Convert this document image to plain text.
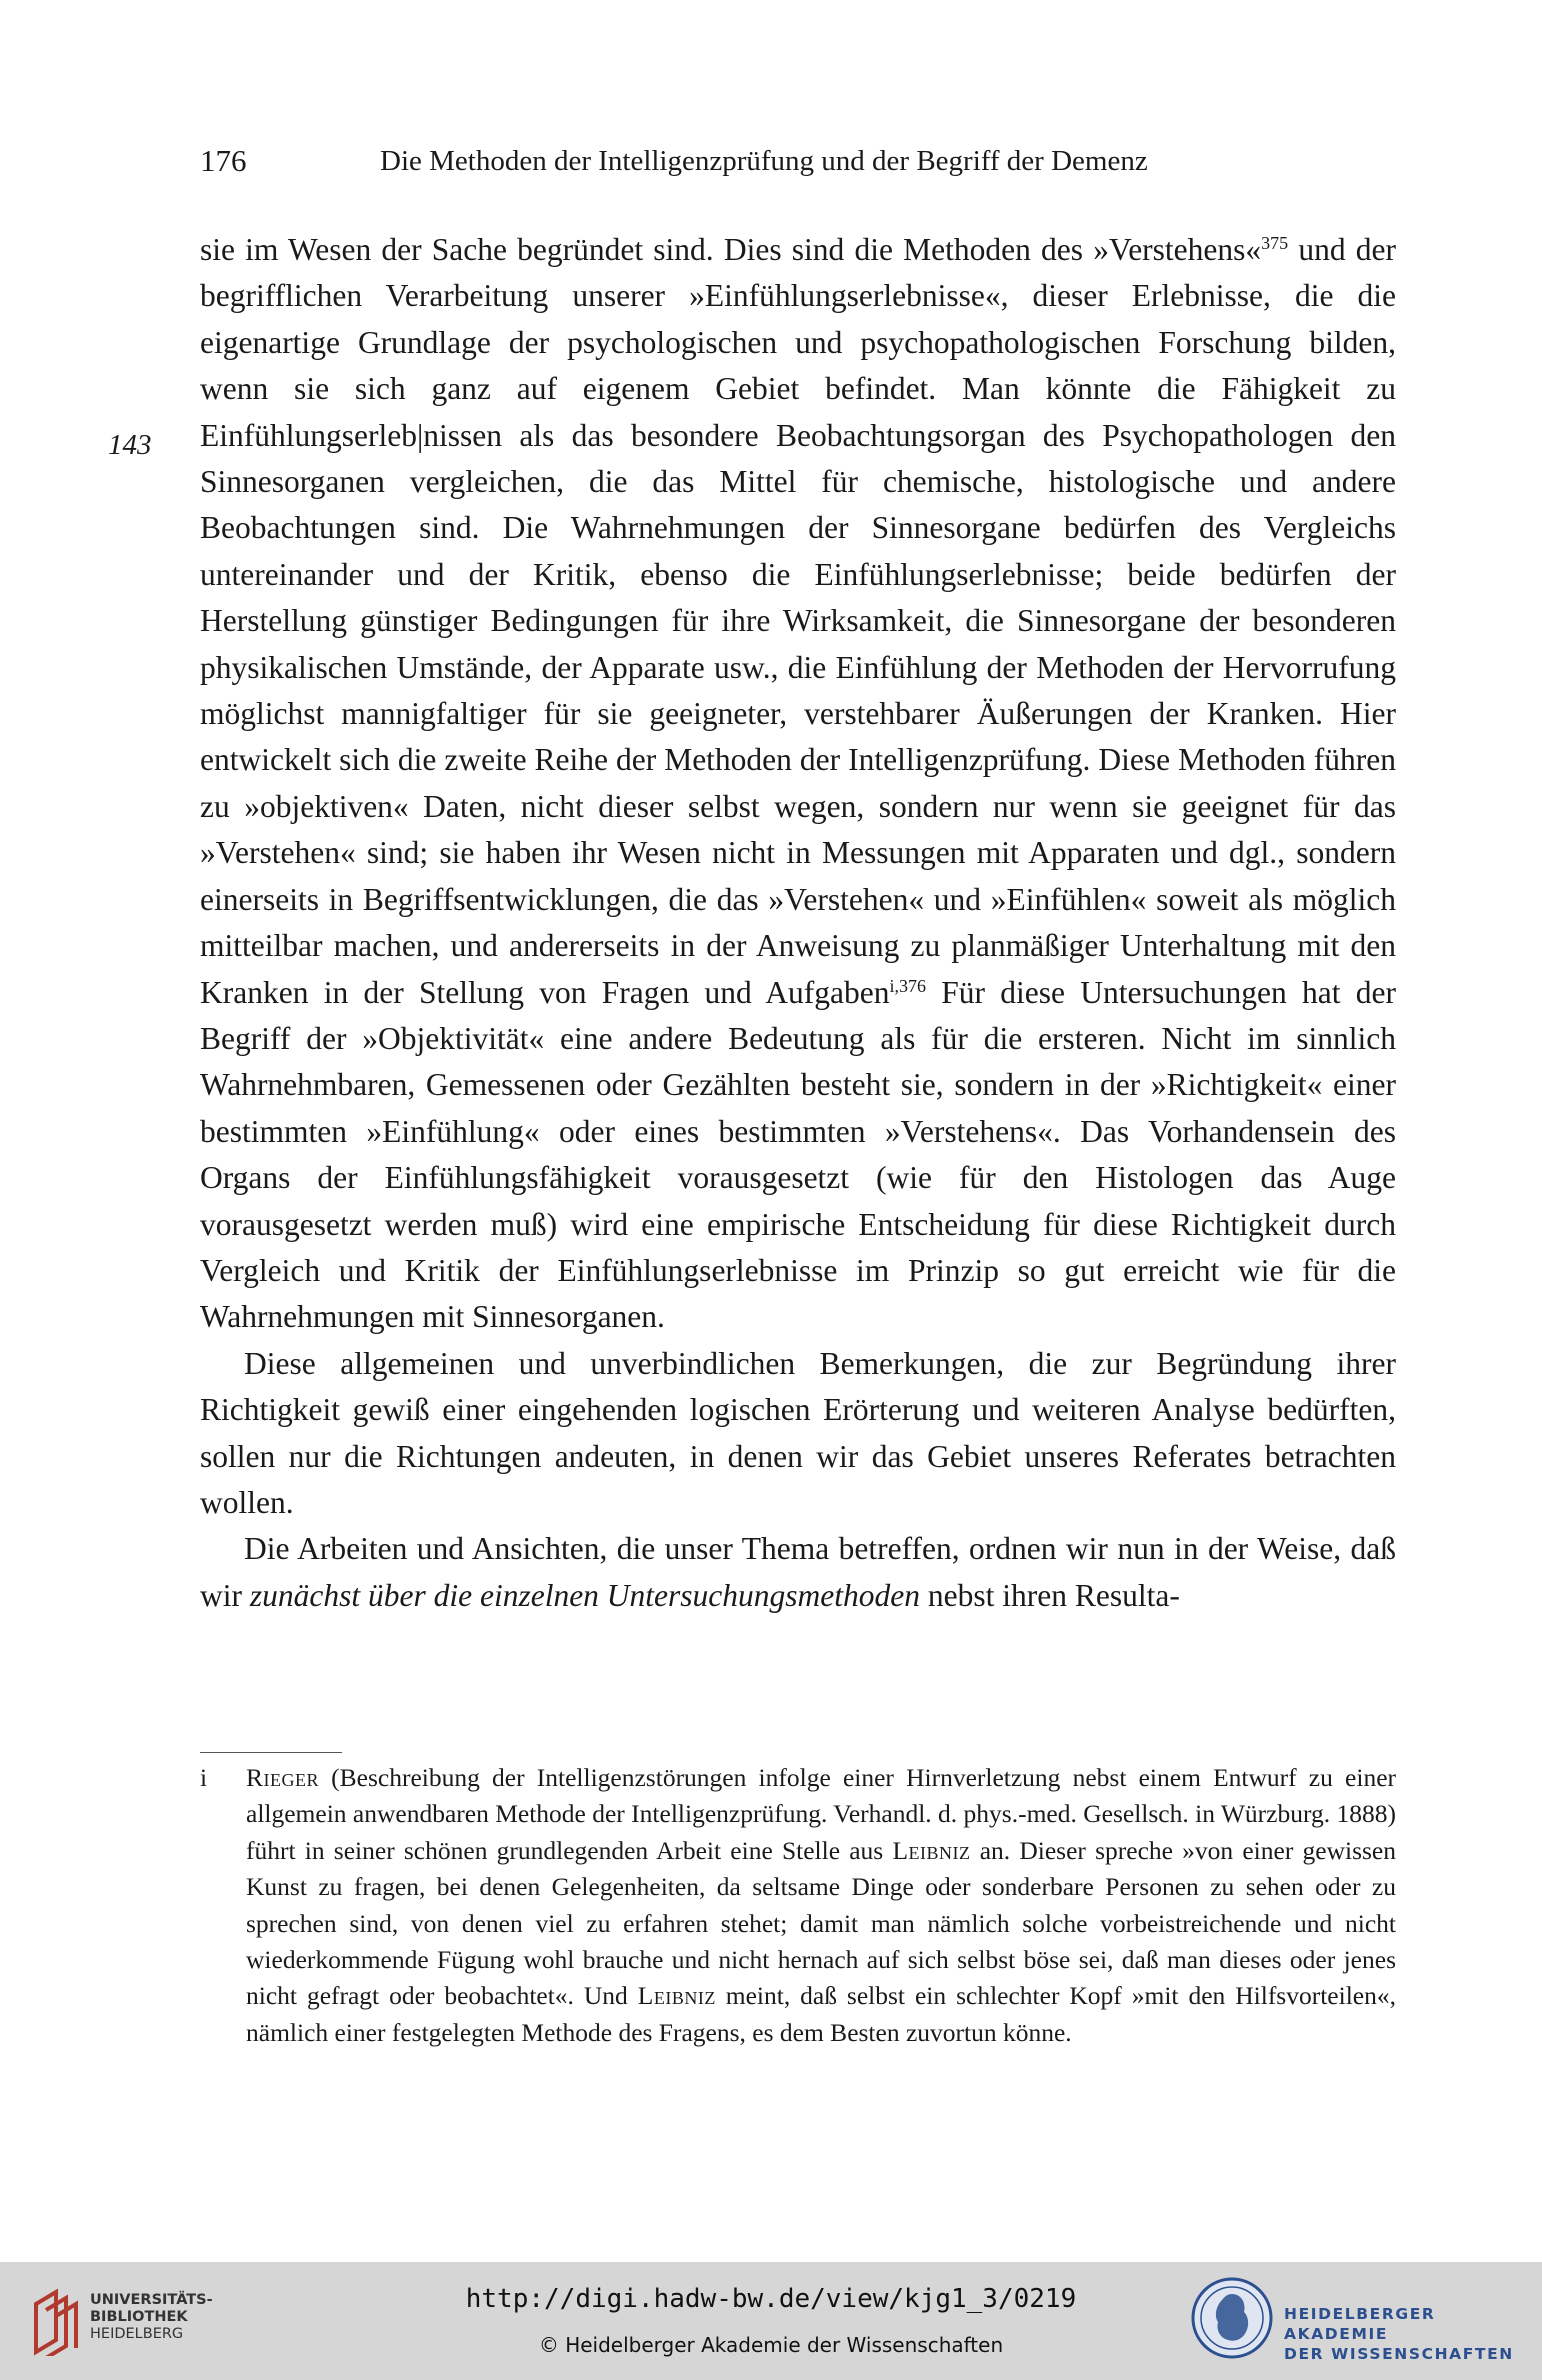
176	Die Methoden der Intelligenzprüfung und der Begriff der Demenz
143

sie im Wesen der Sache begründet sind. Dies sind die Methoden des »Verstehens«$^{375}$ und der begrifflichen Verarbeitung unserer »Einfühlungserlebnisse«, dieser Erlebnisse, die die eigenartige Grundlage der psychologischen und psychopathologischen Forschung bilden, wenn sie sich ganz auf eigenem Gebiet befindet. Man könnte die Fähigkeit zu Einfühlungserleb|nissen als das besondere Beobachtungsorgan des Psychopathologen den Sinnesorganen vergleichen, die das Mittel für chemische, histologische und andere Beobachtungen sind. Die Wahrnehmungen der Sinnesorgane bedürfen des Vergleichs untereinander und der Kritik, ebenso die Einfühlungserlebnisse; beide bedürfen der Herstellung günstiger Bedingungen für ihre Wirksamkeit, die Sinnesorgane der besonderen physikalischen Umstände, der Apparate usw., die Einfühlung der Methoden der Hervorrufung möglichst mannigfaltiger für sie geeigneter, verstehbarer Äußerungen der Kranken. Hier entwickelt sich die zweite Reihe der Methoden der Intelligenzprüfung. Diese Methoden führen zu »objektiven« Daten, nicht dieser selbst wegen, sondern nur wenn sie geeignet für das »Verstehen« sind; sie haben ihr Wesen nicht in Messungen mit Apparaten und dgl., sondern einerseits in Begriffsentwicklungen, die das »Verstehen« und »Einfühlen« soweit als möglich mitteilbar machen, und andererseits in der Anweisung zu planmäßiger Unterhaltung mit den Kranken in der Stellung von Fragen und Aufgaben$^{i,376}$ Für diese Untersuchungen hat der Begriff der »Objektivität« eine andere Bedeutung als für die ersteren. Nicht im sinnlich Wahrnehmbaren, Gemessenen oder Gezählten besteht sie, sondern in der »Richtigkeit« einer bestimmten »Einfühlung« oder eines bestimmten »Verstehens«. Das Vorhandensein des Organs der Einfühlungsfähigkeit vorausgesetzt (wie für den Histologen das Auge vorausgesetzt werden muß) wird eine empirische Entscheidung für diese Richtigkeit durch Vergleich und Kritik der Einfühlungserlebnisse im Prinzip so gut erreicht wie für die Wahrnehmungen mit Sinnesorganen.

Diese allgemeinen und unverbindlichen Bemerkungen, die zur Begründung ihrer Richtigkeit gewiß einer eingehenden logischen Erörterung und weiteren Analyse bedürften, sollen nur die Richtungen andeuten, in denen wir das Gebiet unseres Referates betrachten wollen.

Die Arbeiten und Ansichten, die unser Thema betreffen, ordnen wir nun in der Weise, daß wir zunächst über die einzelnen Untersuchungsmethoden nebst ihren Resulta-

i Rieger (Beschreibung der Intelligenzstörungen infolge einer Hirnverletzung nebst einem Entwurf zu einer allgemein anwendbaren Methode der Intelligenzprüfung. Verhandl. d. phys.-med. Gesellsch. in Würzburg. 1888) führt in seiner schönen grundlegenden Arbeit eine Stelle aus Leibniz an. Dieser spreche »von einer gewissen Kunst zu fragen, bei denen Gelegenheiten, da seltsame Dinge oder sonderbare Personen zu sehen oder zu sprechen sind, von denen viel zu erfahren stehet; damit man nämlich solche vorbeistreichende und nicht wiederkommende Fügung wohl brauche und nicht hernach auf sich selbst böse sei, daß man dieses oder jenes nicht gefragt oder beobachtet«. Und Leibniz meint, daß selbst ein schlechter Kopf »mit den Hilfsvorteilen«, nämlich einer festgelegten Methode des Fragens, es dem Besten zuvortun könne.
UNIVERSITÄTS-
BIBLIOTHEK
HEIDELBERG
http://digi.hadw-bw.de/view/kjg1_3/0219
© Heidelberger Akademie der Wissenschaften
HEIDELBERGER AKADEMIE
DER WISSENSCHAFTEN
